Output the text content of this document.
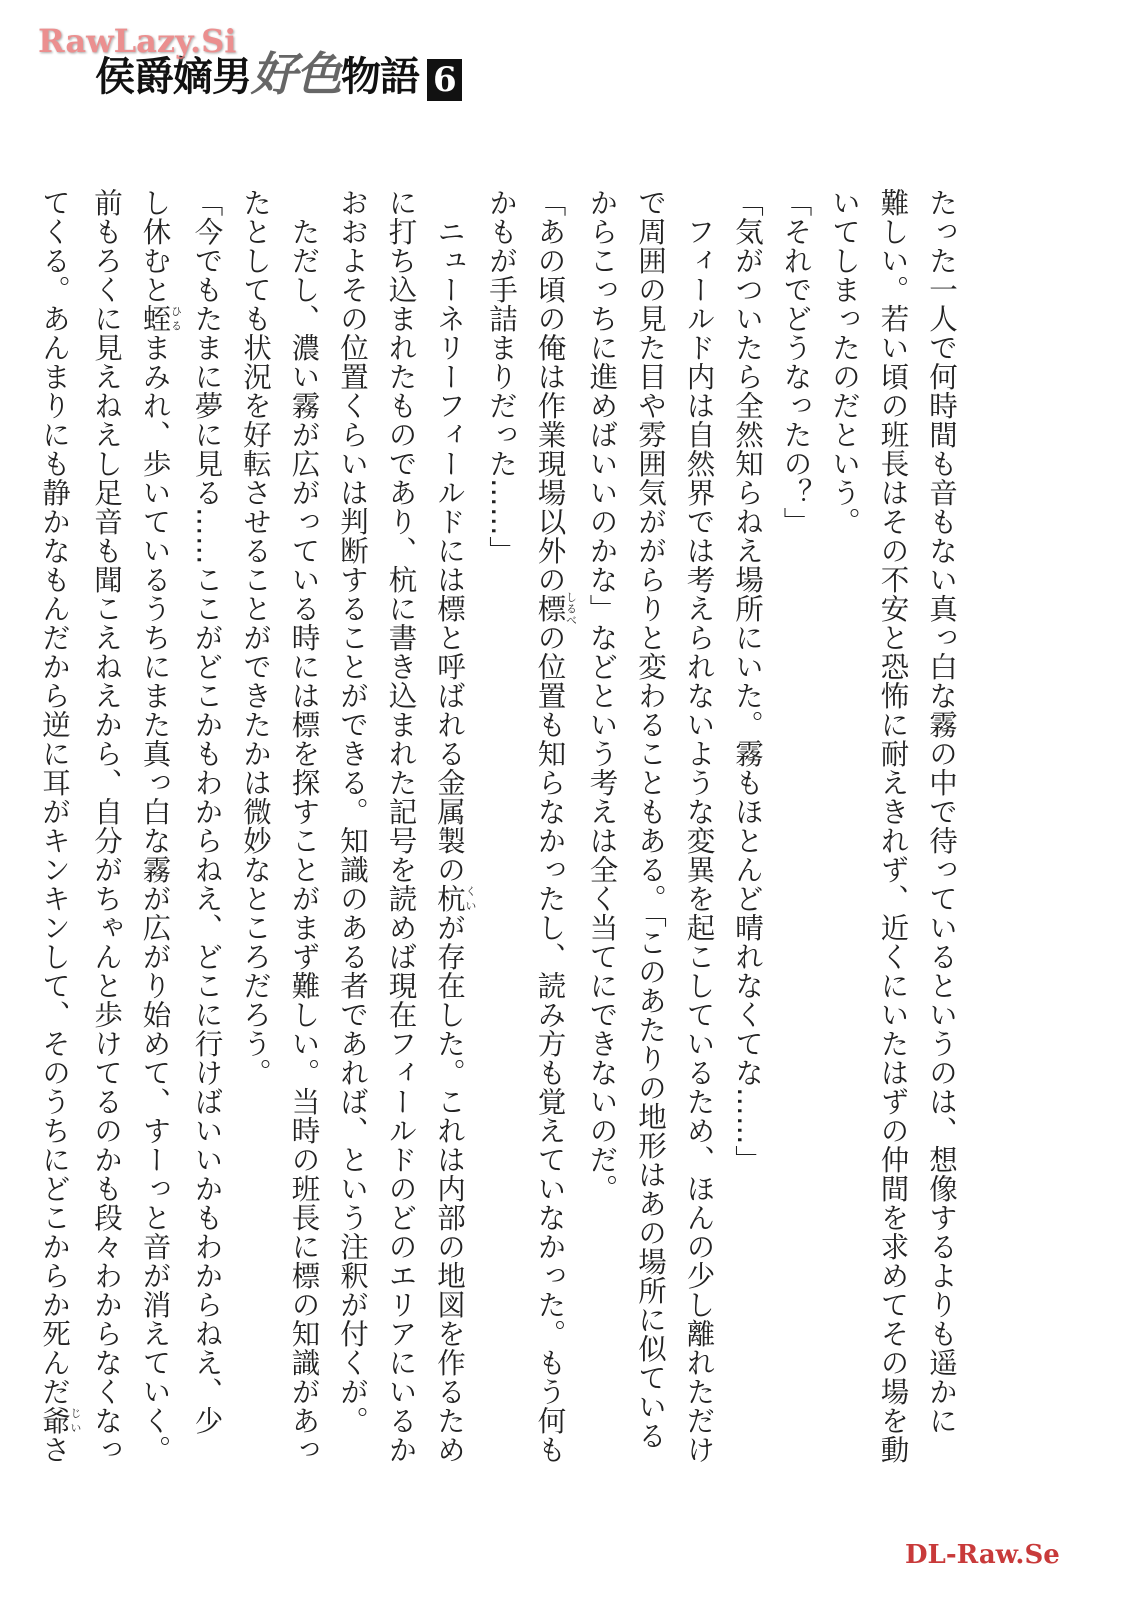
侯爵嫡男好色物語 6
RawLazy.Si
DL-Raw.Se
たった一人で何時間も音もない真っ白な霧の中で待っているというのは、想像するよりも遥かに
難しい。若い頃の班長はその不安と恐怖に耐えきれず、近くにいたはずの仲間を求めてその場を動
いてしまったのだという。
「それでどうなったの？」
「気がついたら全然知らねえ場所にいた。霧もほとんど晴れなくてな……」
　フィールド内は自然界では考えられないような変異を起こしているため、ほんの少し離れただけ
で周囲の見た目や雰囲気ががらりと変わることもある。「このあたりの地形はあの場所に似ている
からこっちに進めばいいのかな」などという考えは全く当てにできないのだ。
「あの頃の俺は作業現場以外の標しるべの位置も知らなかったし、読み方も覚えていなかった。もう何も
かもが手詰まりだった……」
　ニューネリーフィールドには標と呼ばれる金属製の杭くいが存在した。これは内部の地図を作るため
に打ち込まれたものであり、杭に書き込まれた記号を読めば現在フィールドのどのエリアにいるか
おおよその位置くらいは判断することができる。知識のある者であれば、という注釈が付くが。
　ただし、濃い霧が広がっている時には標を探すことがまず難しい。当時の班長に標の知識があっ
たとしても状況を好転させることができたかは微妙なところだろう。
「今でもたまに夢に見る……ここがどこかもわからねえ、どこに行けばいいかもわからねえ、少
し休むと蛭ひるまみれ、歩いているうちにまた真っ白な霧が広がり始めて、すーっと音が消えていく。
前もろくに見えねえし足音も聞こえねえから、自分がちゃんと歩けてるのかも段々わからなくなっ
てくる。あんまりにも静かなもんだから逆に耳がキンキンして、そのうちにどこからか死んだ爺じいさ
